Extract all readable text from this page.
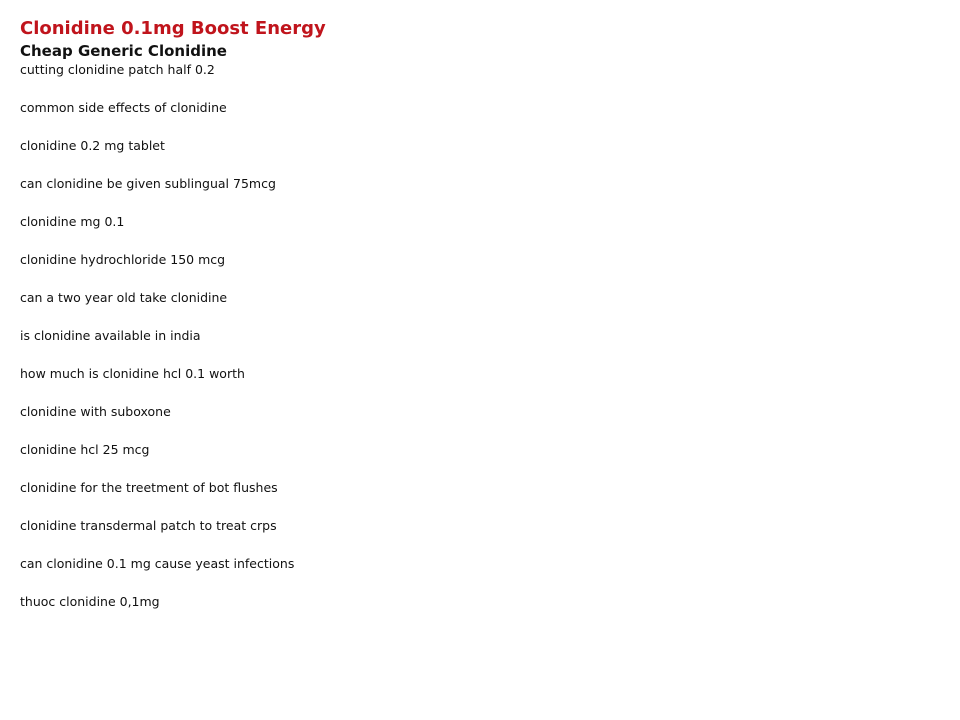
Clonidine 0.1mg Boost Energy
Cheap Generic Clonidine
cutting clonidine patch half 0.2
common side effects of clonidine
clonidine 0.2 mg tablet
can clonidine be given sublingual 75mcg
clonidine mg 0.1
clonidine hydrochloride 150 mcg
can a two year old take clonidine
is clonidine available in india
how much is clonidine hcl 0.1 worth
clonidine with suboxone
clonidine hcl 25 mcg
clonidine for the treetment of bot flushes
clonidine transdermal patch to treat crps
can clonidine 0.1 mg cause yeast infections
thuoc clonidine 0,1mg
